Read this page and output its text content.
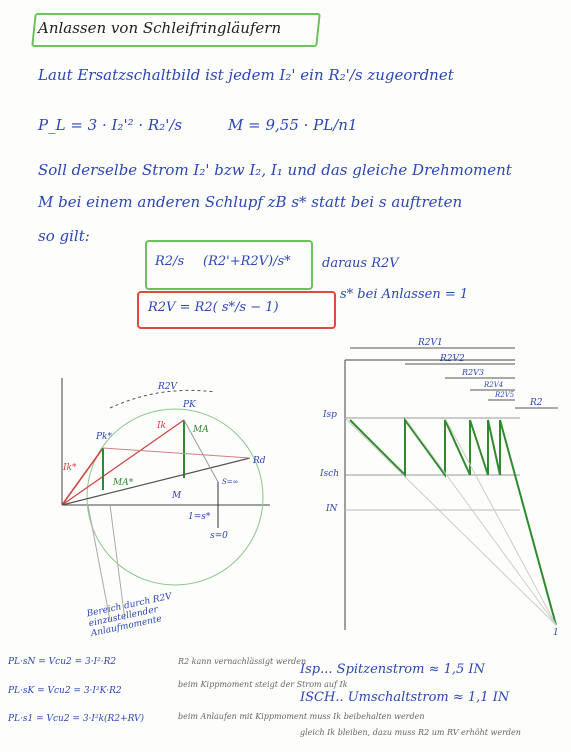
Anlassen von Schleifringläufern
Laut Ersatzschaltbild ist jedem I₂' ein R₂'/s zugeordnet
P_L = 3 · I₂'² · R₂'/s	M = 9,55 · PL/n1
Soll derselbe Strom I₂' bzw I₂, I₁ und das gleiche Drehmoment
M bei einem anderen Schlupf zB s* statt bei s auftreten
so gilt:
R2/s (R2'+R2V)/s* daraus R2V
R2V = R2( s*/s − 1)
s* bei Anlassen = 1
R2V
PK
Pk*
Ik
Ik*
MA
MA*
M
Rd
S=∞
1=s*
s=0
Bereich durch R2V einzustellender Anlaufmomente
R2V1
R2V2
R2V3
R2V4
R2V5
R2
Isp
Isch
IN
1
PL·sN = Vcu2 = 3·I²·R2	R2 kann vernachlässigt werden
PL·sK = Vcu2 = 3·I²K·R2
beim Kippmoment steigt der Strom auf Ik
PL·s1 = Vcu2 = 3·I²k(R2+RV)	beim Anlaufen mit Kippmoment muss Ik beibehalten werden
Isp... Spitzenstrom ≈ 1,5 IN
ISCH.. Umschaltstrom ≈ 1,1 IN
gleich Ik bleiben, dazu muss R2 um RV erhöht werden
